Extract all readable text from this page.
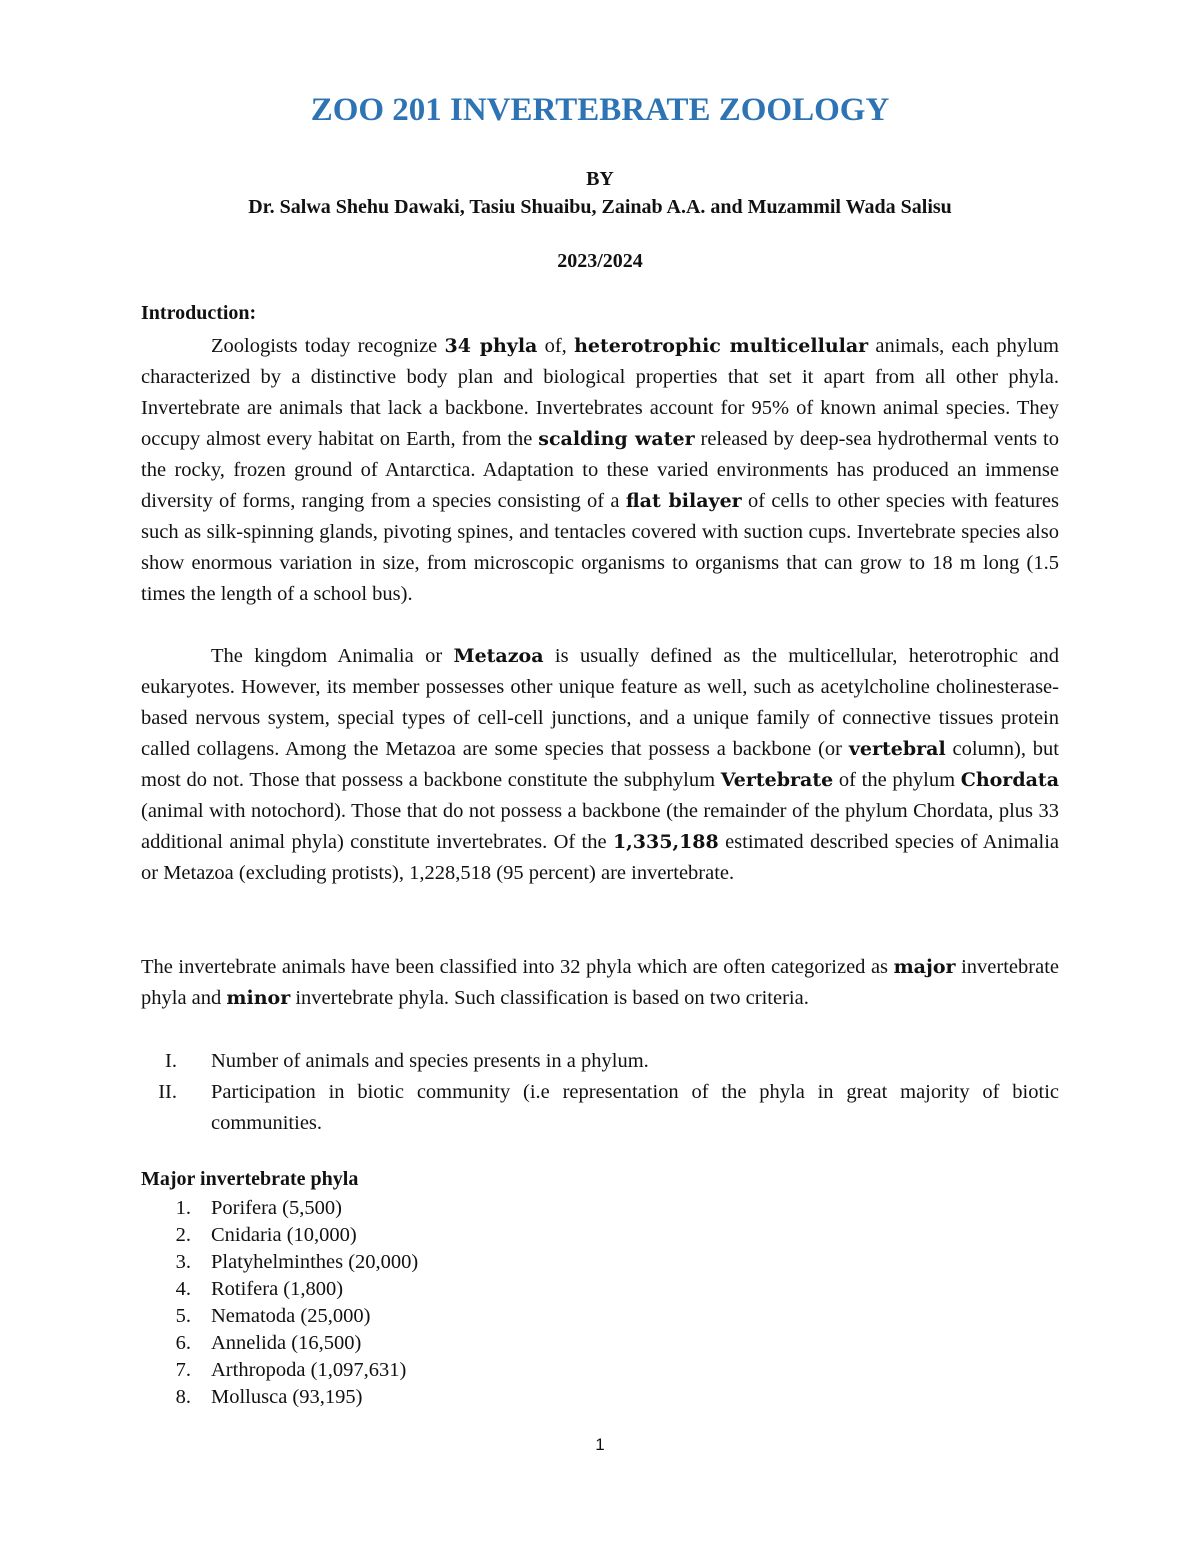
ZOO 201 INVERTEBRATE ZOOLOGY
BY
Dr. Salwa Shehu Dawaki, Tasiu Shuaibu, Zainab A.A. and Muzammil Wada Salisu
2023/2024
Introduction:

Zoologists today recognize 34 phyla of, heterotrophic multicellular animals, each phylum characterized by a distinctive body plan and biological properties that set it apart from all other phyla. Invertebrate are animals that lack a backbone. Invertebrates account for 95% of known animal species. They occupy almost every habitat on Earth, from the scalding water released by deep-sea hydrothermal vents to the rocky, frozen ground of Antarctica. Adaptation to these varied environments has produced an immense diversity of forms, ranging from a species consisting of a flat bilayer of cells to other species with features such as silk-spinning glands, pivoting spines, and tentacles covered with suction cups. Invertebrate species also show enormous variation in size, from microscopic organisms to organisms that can grow to 18 m long (1.5 times the length of a school bus).

The kingdom Animalia or Metazoa is usually defined as the multicellular, heterotrophic and eukaryotes. However, its member possesses other unique feature as well, such as acetylcholine cholinesterase-based nervous system, special types of cell-cell junctions, and a unique family of connective tissues protein called collagens. Among the Metazoa are some species that possess a backbone (or vertebral column), but most do not. Those that possess a backbone constitute the subphylum Vertebrate of the phylum Chordata (animal with notochord). Those that do not possess a backbone (the remainder of the phylum Chordata, plus 33 additional animal phyla) constitute invertebrates. Of the 1,335,188 estimated described species of Animalia or Metazoa (excluding protists), 1,228,518 (95 percent) are invertebrate.

The invertebrate animals have been classified into 32 phyla which are often categorized as major invertebrate phyla and minor invertebrate phyla. Such classification is based on two criteria.

I. Number of animals and species presents in a phylum.
II. Participation in biotic community (i.e representation of the phyla in great majority of biotic communities.
Major invertebrate phyla
1. Porifera (5,500)
2. Cnidaria (10,000)
3. Platyhelminthes (20,000)
4. Rotifera (1,800)
5. Nematoda (25,000)
6. Annelida (16,500)
7. Arthropoda (1,097,631)
8. Mollusca (93,195)
1
